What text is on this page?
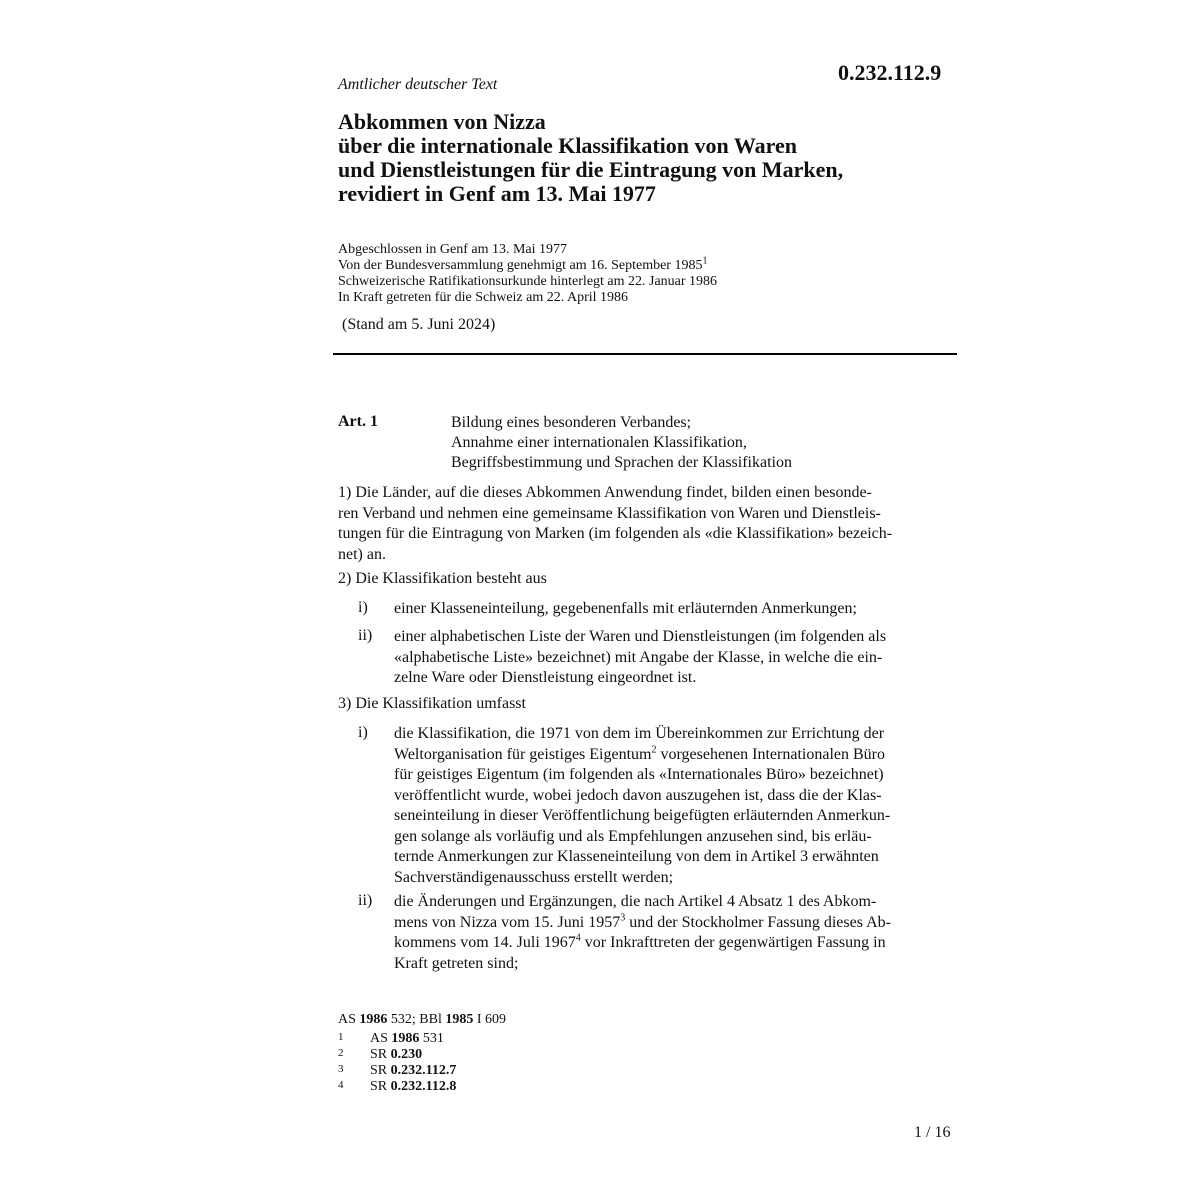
Amtlicher deutscher Text	0.232.112.9
Abkommen von Nizza
über die internationale Klassifikation von Waren
und Dienstleistungen für die Eintragung von Marken,
revidiert in Genf am 13. Mai 1977
Abgeschlossen in Genf am 13. Mai 1977
Von der Bundesversammlung genehmigt am 16. September 1985$^1$
Schweizerische Ratifikationsurkunde hinterlegt am 22. Januar 1986
In Kraft getreten für die Schweiz am 22. April 1986
(Stand am 5. Juni 2024)
Art. 1	Bildung eines besonderen Verbandes;
Annahme einer internationalen Klassifikation,
Begriffsbestimmung und Sprachen der Klassifikation
1) Die Länder, auf die dieses Abkommen Anwendung findet, bilden einen besonde-
ren Verband und nehmen eine gemeinsame Klassifikation von Waren und Dienstleis-
tungen für die Eintragung von Marken (im folgenden als «die Klassifikation» bezeich-
net) an.
2) Die Klassifikation besteht aus
i) einer Klasseneinteilung, gegebenenfalls mit erläuternden Anmerkungen;
ii) einer alphabetischen Liste der Waren und Dienstleistungen (im folgenden als
«alphabetische Liste» bezeichnet) mit Angabe der Klasse, in welche die ein-
zelne Ware oder Dienstleistung eingeordnet ist.
3) Die Klassifikation umfasst
i) die Klassifikation, die 1971 von dem im Übereinkommen zur Errichtung der
Weltorganisation für geistiges Eigentum$^2$ vorgesehenen Internationalen Büro
für geistiges Eigentum (im folgenden als «Internationales Büro» bezeichnet)
veröffentlicht wurde, wobei jedoch davon auszugehen ist, dass die der Klas-
seneinteilung in dieser Veröffentlichung beigefügten erläuternden Anmerkun-
gen solange als vorläufig und als Empfehlungen anzusehen sind, bis erläu-
ternde Anmerkungen zur Klasseneinteilung von dem in Artikel 3 erwähnten
Sachverständigenausschuss erstellt werden;
ii) die Änderungen und Ergänzungen, die nach Artikel 4 Absatz 1 des Abkom-
mens von Nizza vom 15. Juni 1957$^3$ und der Stockholmer Fassung dieses Ab-
kommens vom 14. Juli 1967$^4$ vor Inkrafttreten der gegenwärtigen Fassung in
Kraft getreten sind;
AS 1986 532; BBl 1985 I 609
1 AS 1986 531
2 SR 0.230
3 SR 0.232.112.7
4 SR 0.232.112.8
1 / 16
